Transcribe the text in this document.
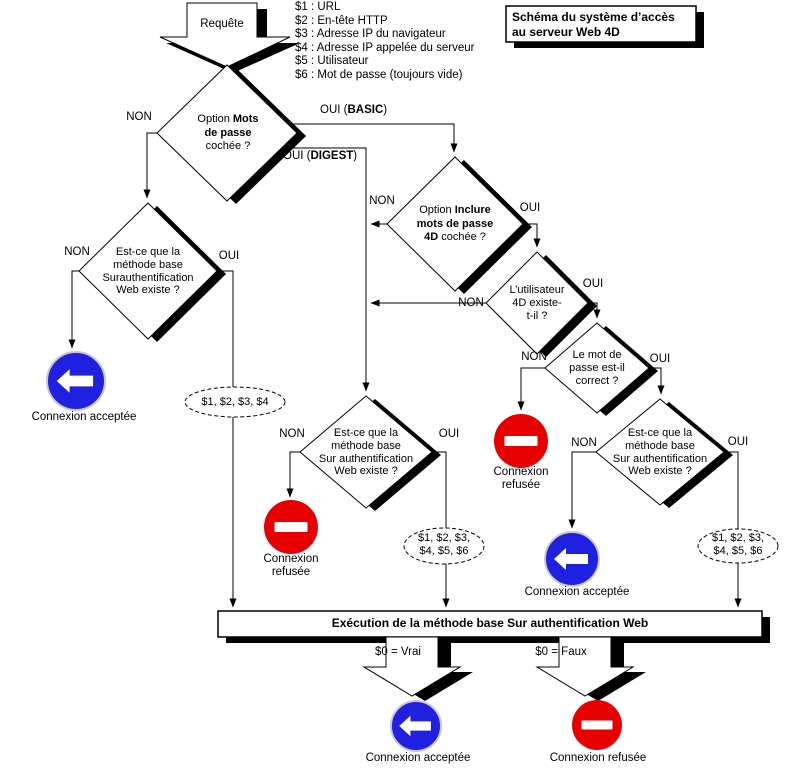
Requête
$1 : URL
$2 : En-tête HTTP
$3 : Adresse IP du navigateur
$4 : Adresse IP appelée du serveur
$5 : Utilisateur
$6 : Mot de passe (toujours vide)
Schéma du système d’accès
au serveur Web 4D
Option Mots
de passe
cochée ?
NON
OUI (BASIC)
OUI (DIGEST)
Est-ce que la
méthode base
Surauthentification
Web existe ?
NON	OUI
Option Inclure
mots de passe
4D cochée ?
NON
OUI
L’utilisateur
4D existe-
t-il ?
NON
OUI
Le mot de
passe est-il
correct ?
NON	OUI
Est-ce que la
méthode base
Sur authentification
Web existe ?
NON	OUI
Est-ce que la
méthode base
Sur authentification
Web existe ?
NON	OUI
$1, $2, $3, $4
$1, $2, $3,
$4, $5, $6
$1, $2, $3,
$4, $5, $6
Connexion acceptée
Connexion refusée
Connexion refusée
Connexion acceptée
Connexion acceptée	Connexion refusée
Exécution de la méthode base Sur authentification Web
$0 = Vrai	$0 = Faux
